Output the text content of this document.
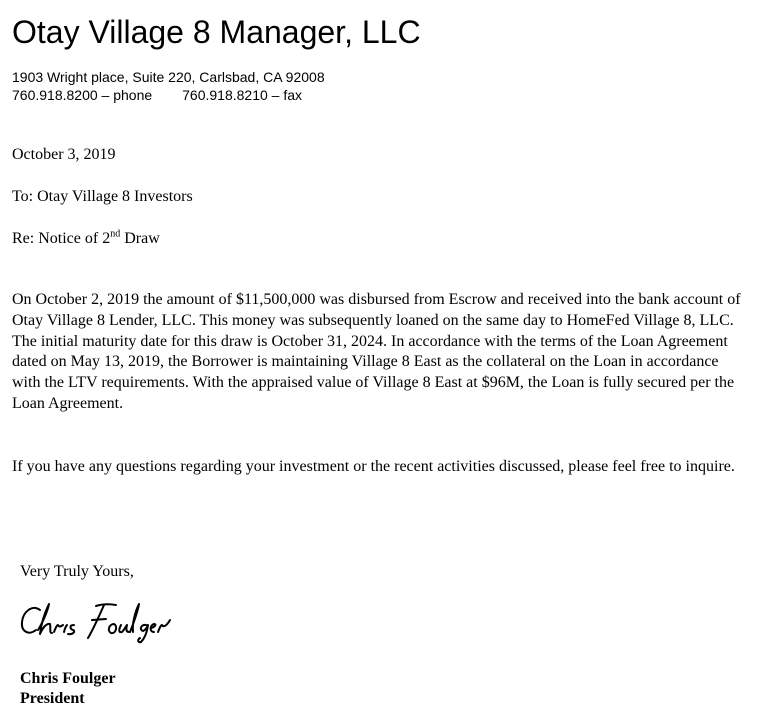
Otay Village 8 Manager, LLC
1903 Wright place, Suite 220, Carlsbad, CA 92008
760.918.8200 – phone 760.918.8210 – fax
October 3, 2019
To: Otay Village 8 Investors
Re: Notice of 2nd Draw
On October 2, 2019 the amount of $11,500,000 was disbursed from Escrow and received into the bank account of Otay Village 8 Lender, LLC. This money was subsequently loaned on the same day to HomeFed Village 8, LLC. The initial maturity date for this draw is October 31, 2024. In accordance with the terms of the Loan Agreement dated on May 13, 2019, the Borrower is maintaining Village 8 East as the collateral on the Loan in accordance with the LTV requirements. With the appraised value of Village 8 East at $96M, the Loan is fully secured per the Loan Agreement.
If you have any questions regarding your investment or the recent activities discussed, please feel free to inquire.
Very Truly Yours,
Chris Foulger
President
